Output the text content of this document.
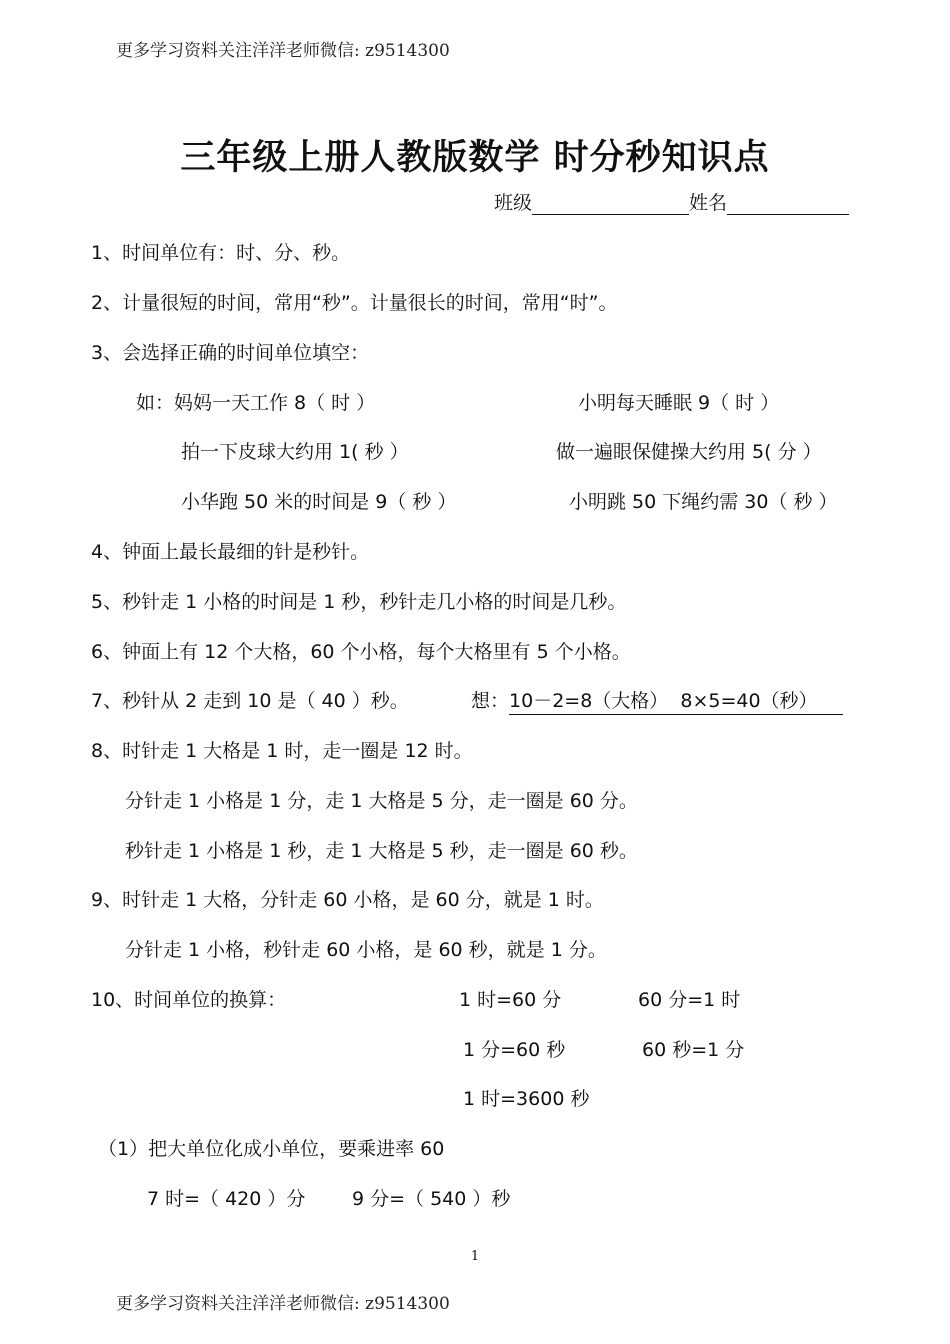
更多学习资料关注洋洋老师微信: z9514300
三年级上册人教版数学 时分秒知识点
班级	姓名
1、时间单位有：时、分、秒。
2、计量很短的时间，常用“秒”。计量很长的时间，常用“时”。
3、会选择正确的时间单位填空：
如：妈妈一天工作 8（ 时 ）	小明每天睡眠 9（ 时 ）
拍一下皮球大约用 1( 秒 ）	做一遍眼保健操大约用 5( 分 ）
小华跑 50 米的时间是 9（ 秒 ）	小明跳 50 下绳约需 30（ 秒 ）
4、钟面上最长最细的针是秒针。
5、秒针走 1 小格的时间是 1 秒，秒针走几小格的时间是几秒。
6、钟面上有 12 个大格，60 个小格，每个大格里有 5 个小格。
7、秒针从 2 走到 10 是（ 40 ）秒。	想：10－2=8（大格）  8×5=40（秒）
8、时针走 1 大格是 1 时，走一圈是 12 时。
分针走 1 小格是 1 分，走 1 大格是 5 分，走一圈是 60 分。
秒针走 1 小格是 1 秒，走 1 大格是 5 秒，走一圈是 60 秒。
9、时针走 1 大格，分针走 60 小格，是 60 分，就是 1 时。
分针走 1 小格，秒针走 60 小格，是 60 秒，就是 1 分。
10、时间单位的换算：	1 时=60 分	60 分=1 时
1 分=60 秒	60 秒=1 分
1 时=3600 秒
（1）把大单位化成小单位，要乘进率 60
7 时=（ 420 ）分 9 分=（ 540 ）秒
1
更多学习资料关注洋洋老师微信: z9514300
